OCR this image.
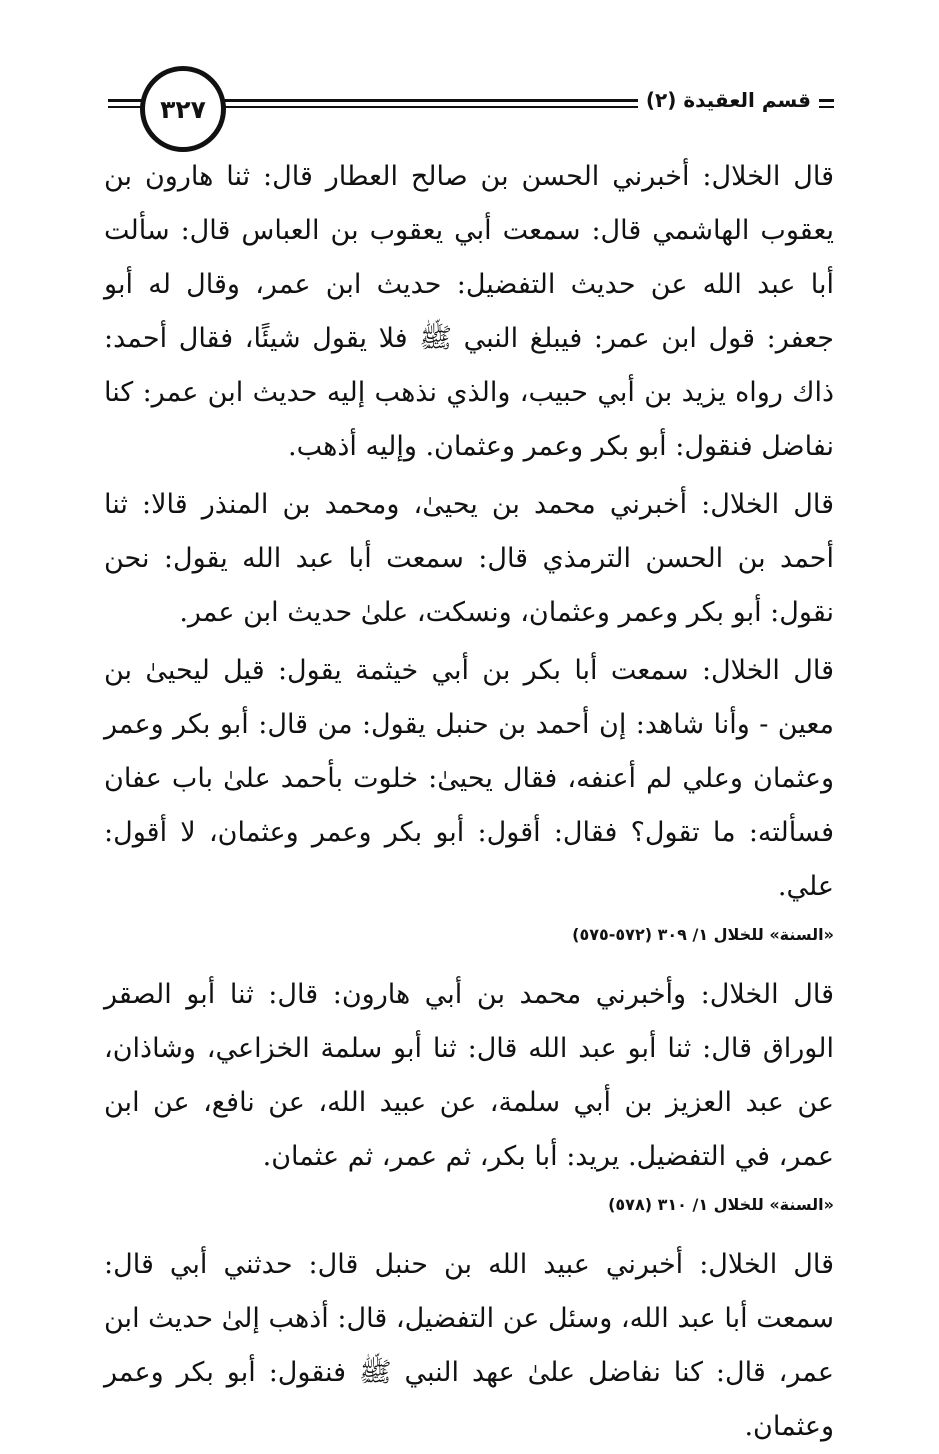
٣٢٧	قسم العقيدة (٢)

قال الخلال: أخبرني الحسن بن صالح العطار قال: ثنا هارون بن يعقوب الهاشمي قال: سمعت أبي يعقوب بن العباس قال: سألت أبا عبد الله عن حديث التفضيل: حديث ابن عمر، وقال له أبو جعفر: قول ابن عمر: فيبلغ النبي ﷺ فلا يقول شيئًا، فقال أحمد: ذاك رواه يزيد بن أبي حبيب، والذي نذهب إليه حديث ابن عمر: كنا نفاضل فنقول: أبو بكر وعمر وعثمان. وإليه أذهب.

قال الخلال: أخبرني محمد بن يحيىٰ، ومحمد بن المنذر قالا: ثنا أحمد بن الحسن الترمذي قال: سمعت أبا عبد الله يقول: نحن نقول: أبو بكر وعمر وعثمان، ونسكت، علىٰ حديث ابن عمر.

قال الخلال: سمعت أبا بكر بن أبي خيثمة يقول: قيل ليحيىٰ بن معين - وأنا شاهد: إن أحمد بن حنبل يقول: من قال: أبو بكر وعمر وعثمان وعلي لم أعنفه، فقال يحيىٰ: خلوت بأحمد علىٰ باب عفان فسألته: ما تقول؟ فقال: أقول: أبو بكر وعمر وعثمان، لا أقول: علي.

«السنة» للخلال ١/ ٣٠٩ (٥٧٢-٥٧٥)

قال الخلال: وأخبرني محمد بن أبي هارون: قال: ثنا أبو الصقر الوراق قال: ثنا أبو عبد الله قال: ثنا أبو سلمة الخزاعي، وشاذان، عن عبد العزيز بن أبي سلمة، عن عبيد الله، عن نافع، عن ابن عمر، في التفضيل. يريد: أبا بكر، ثم عمر، ثم عثمان.

«السنة» للخلال ١/ ٣١٠ (٥٧٨)

قال الخلال: أخبرني عبيد الله بن حنبل قال: حدثني أبي قال: سمعت أبا عبد الله، وسئل عن التفضيل، قال: أذهب إلىٰ حديث ابن عمر، قال: كنا نفاضل علىٰ عهد النبي ﷺ فنقول: أبو بكر وعمر وعثمان.
